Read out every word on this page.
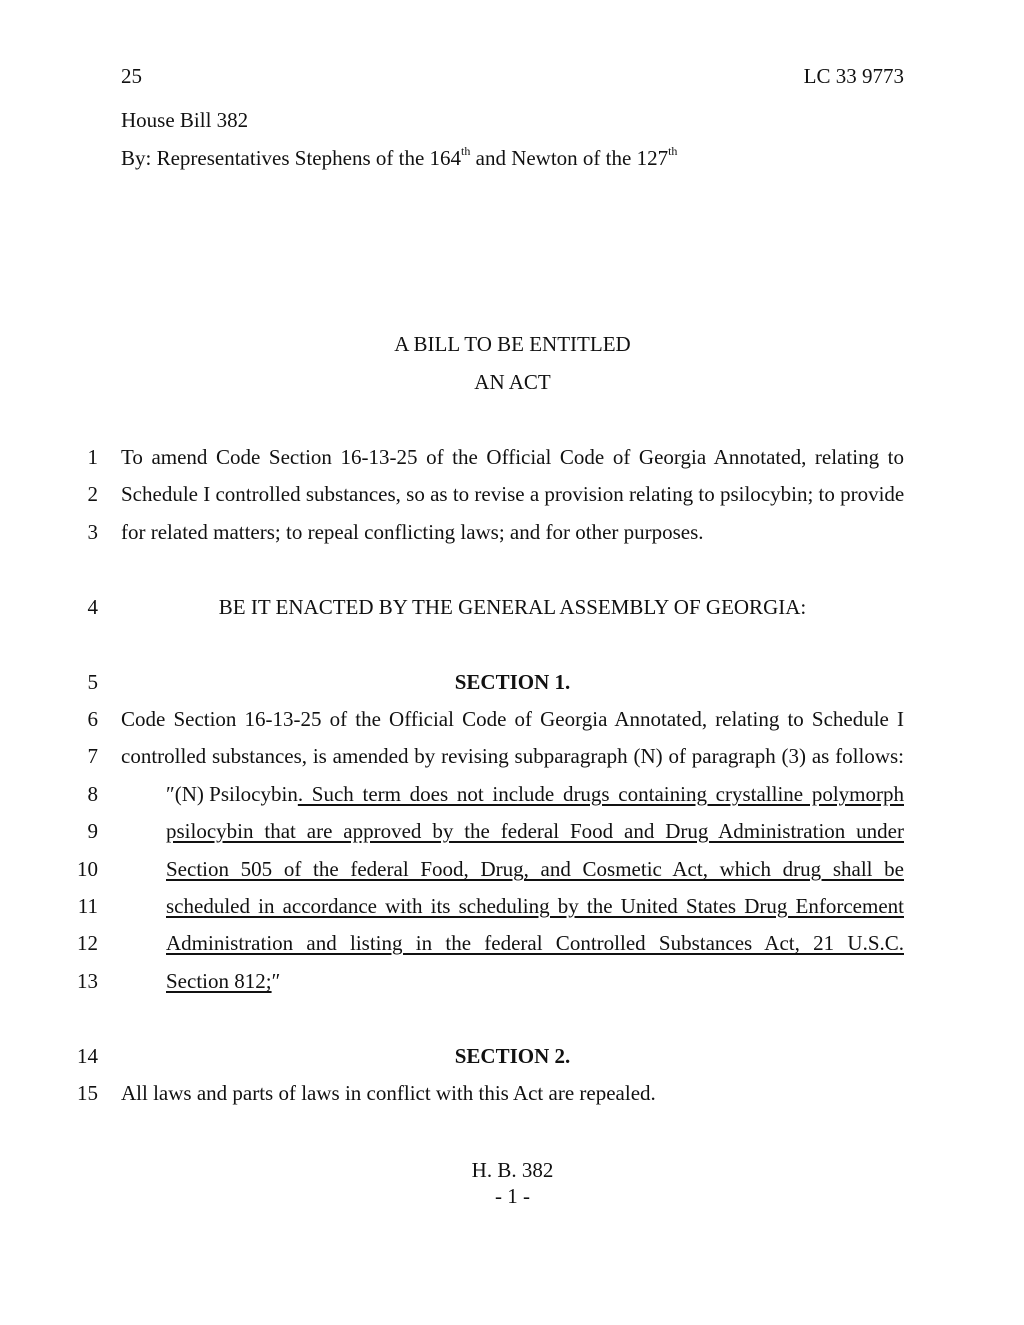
25	LC 33 9773
House Bill 382
By: Representatives Stephens of the 164th and Newton of the 127th
A BILL TO BE ENTITLED
AN ACT
1
2
3
4
5
6
7
8
9
10
11
12
13
14
15
To amend Code Section 16-13-25 of the Official Code of Georgia Annotated, relating to
Schedule I controlled substances, so as to revise a provision relating to psilocybin; to provide
for related matters; to repeal conflicting laws; and for other purposes.
BE IT ENACTED BY THE GENERAL ASSEMBLY OF GEORGIA:
SECTION 1.
Code Section 16-13-25 of the Official Code of Georgia Annotated, relating to Schedule I
controlled substances, is amended by revising subparagraph (N) of paragraph (3) as follows:
″(N) Psilocybin . Such term does not include drugs containing crystalline polymorph
psilocybin that are approved by the federal Food and Drug Administration under
Section 505 of the federal Food, Drug, and Cosmetic Act, which drug shall be
scheduled in accordance with its scheduling by the United States Drug Enforcement
Administration and listing in the federal Controlled Substances Act, 21 U.S.C.
Section 812;″
SECTION 2.
All laws and parts of laws in conflict with this Act are repealed.
H. B. 382
- 1 -
